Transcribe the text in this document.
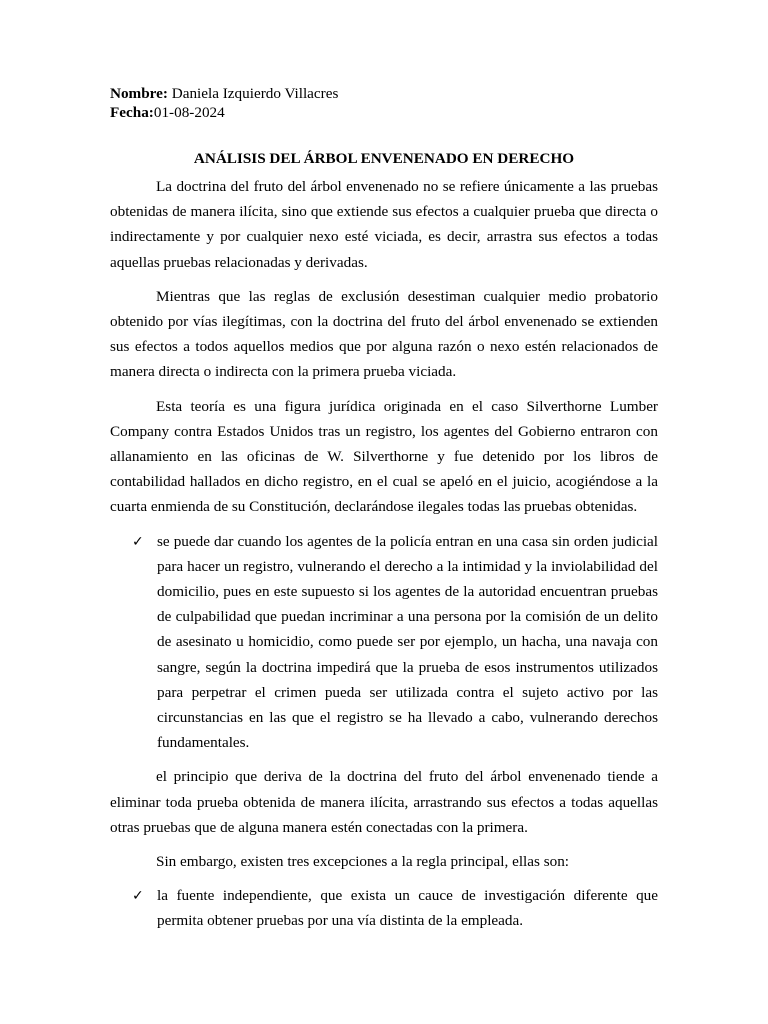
Nombre: Daniela Izquierdo Villacres
Fecha:01-08-2024
ANÁLISIS DEL ÁRBOL ENVENENADO EN DERECHO

La doctrina del fruto del árbol envenenado no se refiere únicamente a las pruebas obtenidas de manera ilícita, sino que extiende sus efectos a cualquier prueba que directa o indirectamente y por cualquier nexo esté viciada, es decir, arrastra sus efectos a todas aquellas pruebas relacionadas y derivadas.

Mientras que las reglas de exclusión desestiman cualquier medio probatorio obtenido por vías ilegítimas, con la doctrina del fruto del árbol envenenado se extienden sus efectos a todos aquellos medios que por alguna razón o nexo estén relacionados de manera directa o indirecta con la primera prueba viciada.

Esta teoría es una figura jurídica originada en el caso Silverthorne Lumber Company contra Estados Unidos tras un registro, los agentes del Gobierno entraron con allanamiento en las oficinas de W. Silverthorne y fue detenido por los libros de contabilidad hallados en dicho registro, en el cual se apeló en el juicio, acogiéndose a la cuarta enmienda de su Constitución, declarándose ilegales todas las pruebas obtenidas.

✓ se puede dar cuando los agentes de la policía entran en una casa sin orden judicial para hacer un registro, vulnerando el derecho a la intimidad y la inviolabilidad del domicilio, pues en este supuesto si los agentes de la autoridad encuentran pruebas de culpabilidad que puedan incriminar a una persona por la comisión de un delito de asesinato u homicidio, como puede ser por ejemplo, un hacha, una navaja con sangre, según la doctrina impedirá que la prueba de esos instrumentos utilizados para perpetrar el crimen pueda ser utilizada contra el sujeto activo por las circunstancias en las que el registro se ha llevado a cabo, vulnerando derechos fundamentales.

el principio que deriva de la doctrina del fruto del árbol envenenado tiende a eliminar toda prueba obtenida de manera ilícita, arrastrando sus efectos a todas aquellas otras pruebas que de alguna manera estén conectadas con la primera.

Sin embargo, existen tres excepciones a la regla principal, ellas son:

✓ la fuente independiente, que exista un cauce de investigación diferente que permita obtener pruebas por una vía distinta de la empleada.
